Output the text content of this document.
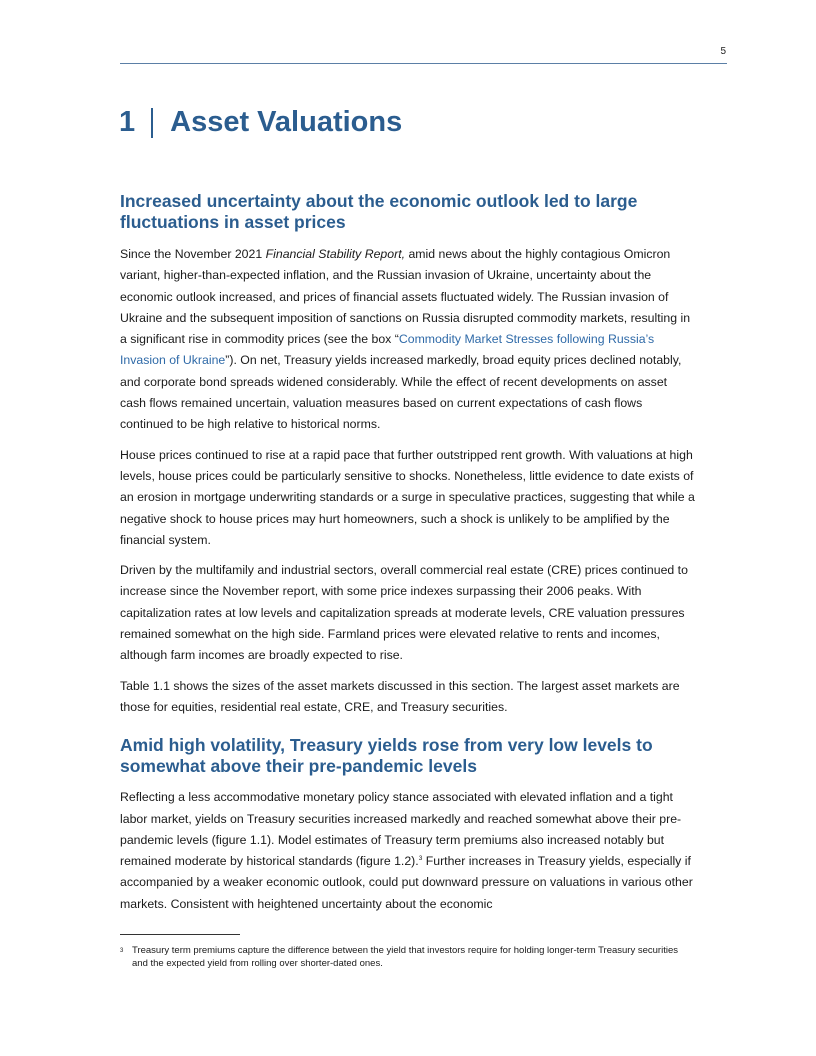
5
1 Asset Valuations
Increased uncertainty about the economic outlook led to large fluctuations in asset prices

Since the November 2021 Financial Stability Report, amid news about the highly contagious Omicron variant, higher-than-expected inflation, and the Russian invasion of Ukraine, uncertainty about the economic outlook increased, and prices of financial assets fluctuated widely. The Russian invasion of Ukraine and the subsequent imposition of sanctions on Russia disrupted commodity markets, resulting in a significant rise in commodity prices (see the box “Commodity Market Stresses following Russia’s Invasion of Ukraine”). On net, Treasury yields increased markedly, broad equity prices declined notably, and corporate bond spreads widened considerably. While the effect of recent developments on asset cash flows remained uncertain, valuation measures based on current expectations of cash flows continued to be high relative to historical norms.

House prices continued to rise at a rapid pace that further outstripped rent growth. With valuations at high levels, house prices could be particularly sensitive to shocks. Nonetheless, little evidence to date exists of an erosion in mortgage underwriting standards or a surge in speculative practices, suggesting that while a negative shock to house prices may hurt homeowners, such a shock is unlikely to be amplified by the financial system.

Driven by the multifamily and industrial sectors, overall commercial real estate (CRE) prices continued to increase since the November report, with some price indexes surpassing their 2006 peaks. With capitalization rates at low levels and capitalization spreads at moderate levels, CRE valuation pressures remained somewhat on the high side. Farmland prices were elevated relative to rents and incomes, although farm incomes are broadly expected to rise.

Table 1.1 shows the sizes of the asset markets discussed in this section. The largest asset markets are those for equities, residential real estate, CRE, and Treasury securities.

Amid high volatility, Treasury yields rose from very low levels to somewhat above their pre-pandemic levels

Reflecting a less accommodative monetary policy stance associated with elevated inflation and a tight labor market, yields on Treasury securities increased markedly and reached somewhat above their pre-pandemic levels (figure 1.1). Model estimates of Treasury term premiums also increased notably but remained moderate by historical standards (figure 1.2).$^3$ Further increases in Treasury yields, especially if accompanied by a weaker economic outlook, could put downward pressure on valuations in various other markets. Consistent with heightened uncertainty about the economic

3 Treasury term premiums capture the difference between the yield that investors require for holding longer-term Treasury securities and the expected yield from rolling over shorter-dated ones.
